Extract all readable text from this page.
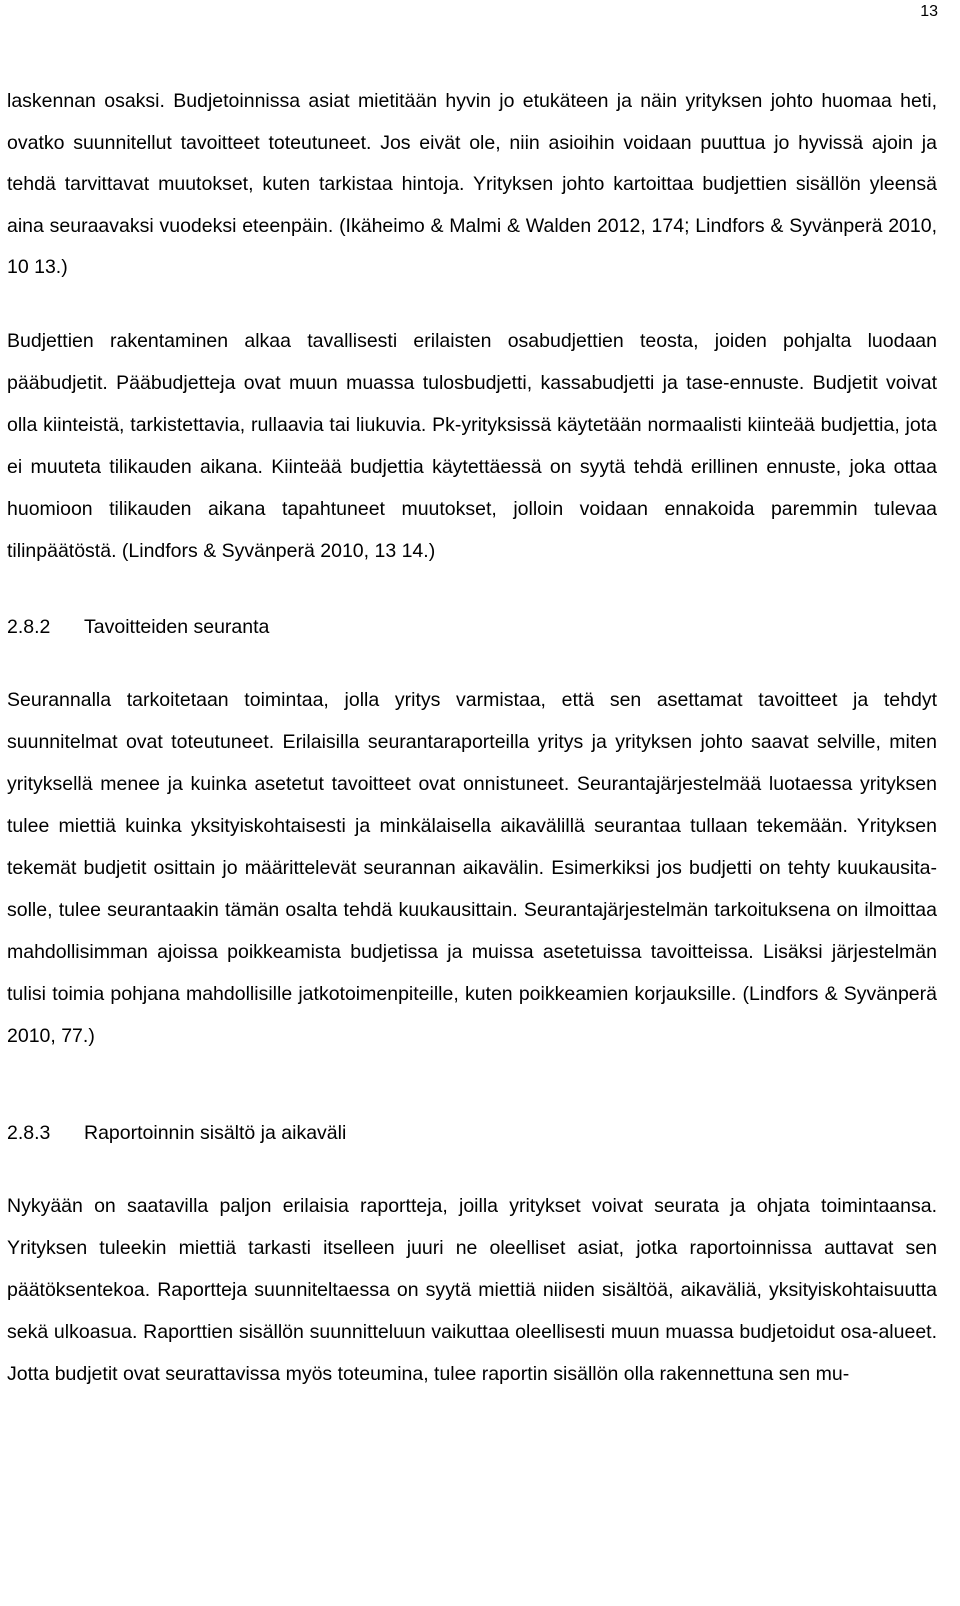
13

laskennan osaksi. Budjetoinnissa asiat mietitään hyvin jo etukäteen ja näin yrityksen johto huomaa heti, ovatko suunnitellut tavoitteet toteutuneet. Jos eivät ole, niin asioihin voidaan puuttua jo hyvissä ajoin ja tehdä tarvittavat muutokset, kuten tarkistaa hintoja. Yrityksen johto kartoittaa budjettien sisällön yleensä aina seuraavaksi vuodeksi eteenpäin. (Ikäheimo & Malmi & Walden 2012, 174; Lindfors & Syvänperä 2010, 10 13.)

Budjettien rakentaminen alkaa tavallisesti erilaisten osabudjettien teosta, joiden pohjalta luodaan pääbudjetit. Pääbudjetteja ovat muun muassa tulosbudjetti, kassabudjetti ja tase-ennuste. Budjetit voivat olla kiinteistä, tarkistettavia, rullaavia tai liukuvia. Pk-yrityksissä käytetään normaalisti kiinteää budjettia, jota ei muuteta tilikauden aikana. Kiinteää budjettia käytettäessä on syytä tehdä erillinen ennuste, joka ottaa huomioon tilikauden aikana tapahtuneet muutokset, jolloin voidaan ennakoida paremmin tulevaa tilinpäätöstä. (Lindfors & Syvänperä 2010, 13 14.)

2.8.2	Tavoitteiden seuranta

Seurannalla tarkoitetaan toimintaa, jolla yritys varmistaa, että sen asettamat tavoitteet ja tehdyt suunnitelmat ovat toteutuneet. Erilaisilla seurantaraporteilla yritys ja yrityksen johto saavat selville, miten yrityksellä menee ja kuinka asetetut tavoitteet ovat onnistuneet. Seurantajärjestelmää luotaessa yrityksen tulee miettiä kuinka yksityiskohtaisesti ja minkälaisella aikavälillä seurantaa tullaan tekemään. Yrityksen tekemät budjetit osittain jo määrittelevät seurannan aikavälin. Esimerkiksi jos budjetti on tehty kuukausitasolle, tulee seurantaakin tämän osalta tehdä kuukausittain. Seurantajärjestelmän tarkoituksena on ilmoittaa mahdollisimman ajoissa poikkeamista budjetissa ja muissa asetetuissa tavoitteissa. Lisäksi järjestelmän tulisi toimia pohjana mahdollisille jatkotoimenpiteille, kuten poikkeamien korjauksille. (Lindfors & Syvänperä 2010, 77.)

2.8.3	Raportoinnin sisältö ja aikaväli

Nykyään on saatavilla paljon erilaisia raportteja, joilla yritykset voivat seurata ja ohjata toimintaansa. Yrityksen tuleekin miettiä tarkasti itselleen juuri ne oleelliset asiat, jotka raportoinnissa auttavat sen päätöksentekoa. Raportteja suunniteltaessa on syytä miettiä niiden sisältöä, aikaväliä, yksityiskohtaisuutta sekä ulkoasua. Raporttien sisällön suunnitteluun vaikuttaa oleellisesti muun muassa budjetoidut osa-alueet. Jotta budjetit ovat seurattavissa myös toteumina, tulee raportin sisällön olla rakennettuna sen mu-
